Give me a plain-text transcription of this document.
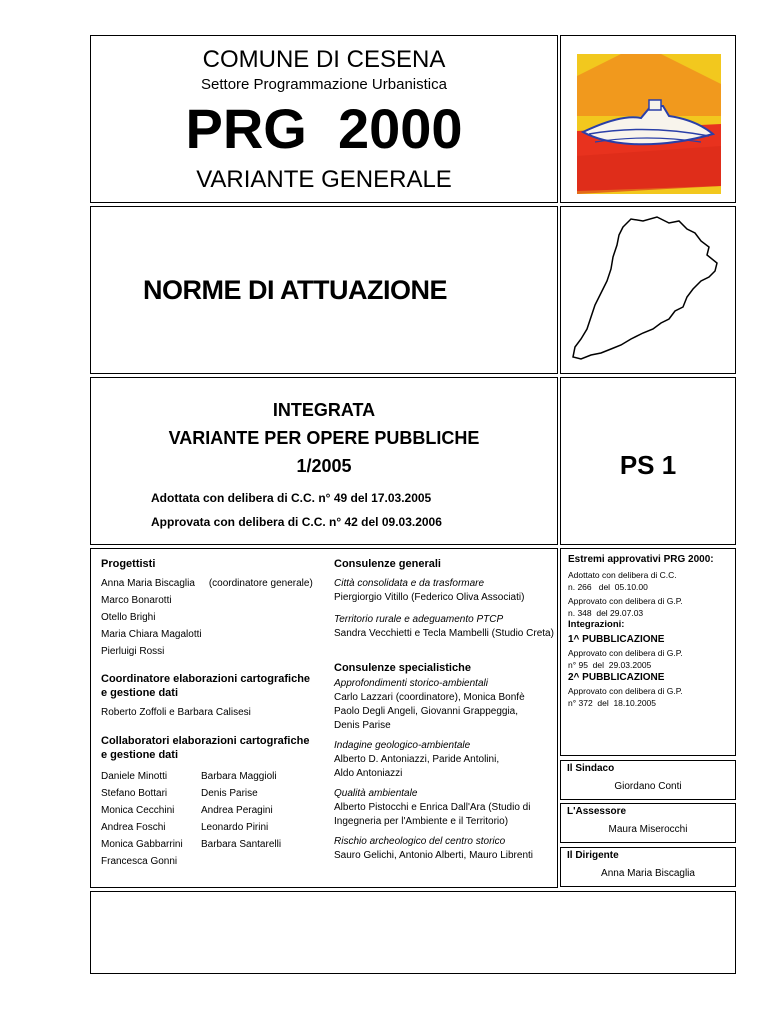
COMUNE DI CESENA
Settore Programmazione Urbanistica
PRG  2000
VARIANTE GENERALE
NORME DI ATTUAZIONE
INTEGRATA
VARIANTE PER OPERE PUBBLICHE
1/2005
Adottata con delibera di C.C. n° 49 del 17.03.2005
Approvata con delibera di C.C. n° 42 del 09.03.2006
PS 1
Progettisti
Anna Maria Biscaglia     (coordinatore generale)
Marco Bonarotti
Otello Brighi
Maria Chiara Magalotti
Pierluigi Rossi
Coordinatore elaborazioni cartografiche
e gestione dati
Roberto Zoffoli e Barbara Calisesi
Collaboratori elaborazioni cartografiche
e gestione dati
Daniele Minotti
Stefano Bottari
Monica Cecchini
Andrea Foschi
Monica Gabbarrini
Francesca Gonni
Barbara Maggioli
Denis Parise
Andrea Peragini
Leonardo Pirini
Barbara Santarelli
Consulenze generali
Città consolidata e da trasformare
Piergiorgio Vitillo (Federico Oliva Associati)
Territorio rurale e adeguamento PTCP
Sandra Vecchietti e Tecla Mambelli (Studio Creta)
Consulenze specialistiche
Approfondimenti storico-ambientali
Carlo Lazzari (coordinatore), Monica Bonfè
Paolo Degli Angeli, Giovanni Grappeggia,
Denis Parise
Indagine geologico-ambientale
Alberto D. Antoniazzi, Paride Antolini,
Aldo Antoniazzi
Qualità ambientale
Alberto Pistocchi e Enrica Dall'Ara (Studio di
Ingegneria per l'Ambiente e il Territorio)
Rischio archeologico del centro storico
Sauro Gelichi, Antonio Alberti, Mauro Librenti
Estremi approvativi PRG 2000:
Adottato con delibera di C.C.
n. 266   del  05.10.00
Approvato con delibera di G.P.
n. 348  del 29.07.03
Integrazioni:
1^ PUBBLICAZIONE
Approvato con delibera di G.P.
n° 95  del  29.03.2005
2^ PUBBLICAZIONE
Approvato con delibera di G.P.
n° 372  del  18.10.2005
Il Sindaco
Giordano Conti
L'Assessore
Maura Miserocchi
Il Dirigente
Anna Maria Biscaglia
